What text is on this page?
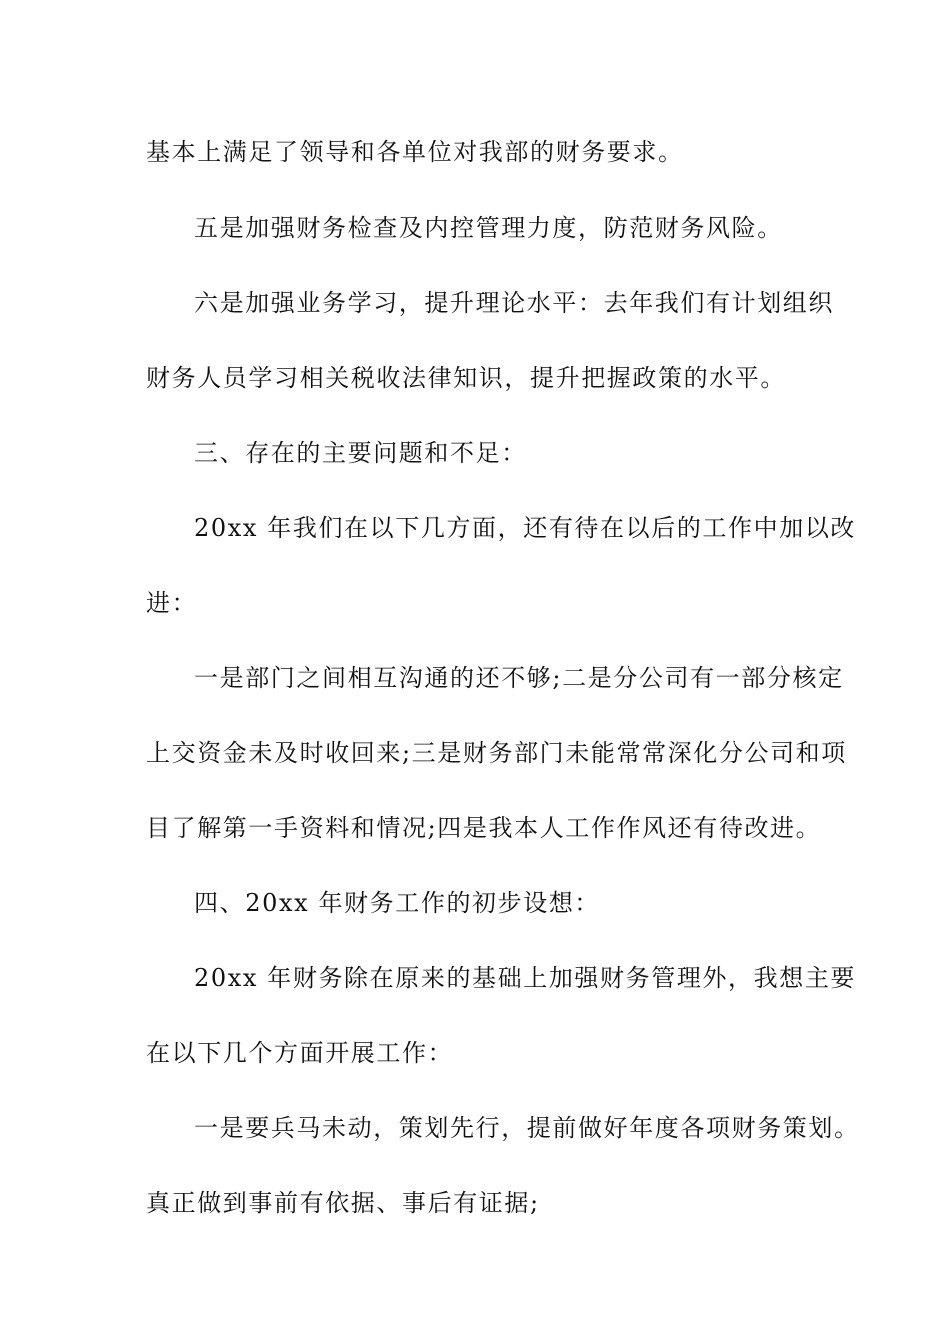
基本上满足了领导和各单位对我部的财务要求。
五是加强财务检查及内控管理力度，防范财务风险。
六是加强业务学习，提升理论水平：去年我们有计划组织
财务人员学习相关税收法律知识，提升把握政策的水平。
三、存在的主要问题和不足：
20xx 年我们在以下几方面，还有待在以后的工作中加以改
进：
一是部门之间相互沟通的还不够;二是分公司有一部分核定
上交资金未及时收回来;三是财务部门未能常常深化分公司和项
目了解第一手资料和情况;四是我本人工作作风还有待改进。
四、20xx 年财务工作的初步设想：
20xx 年财务除在原来的基础上加强财务管理外，我想主要
在以下几个方面开展工作：
一是要兵马未动，策划先行，提前做好年度各项财务策划。
真正做到事前有依据、事后有证据;
